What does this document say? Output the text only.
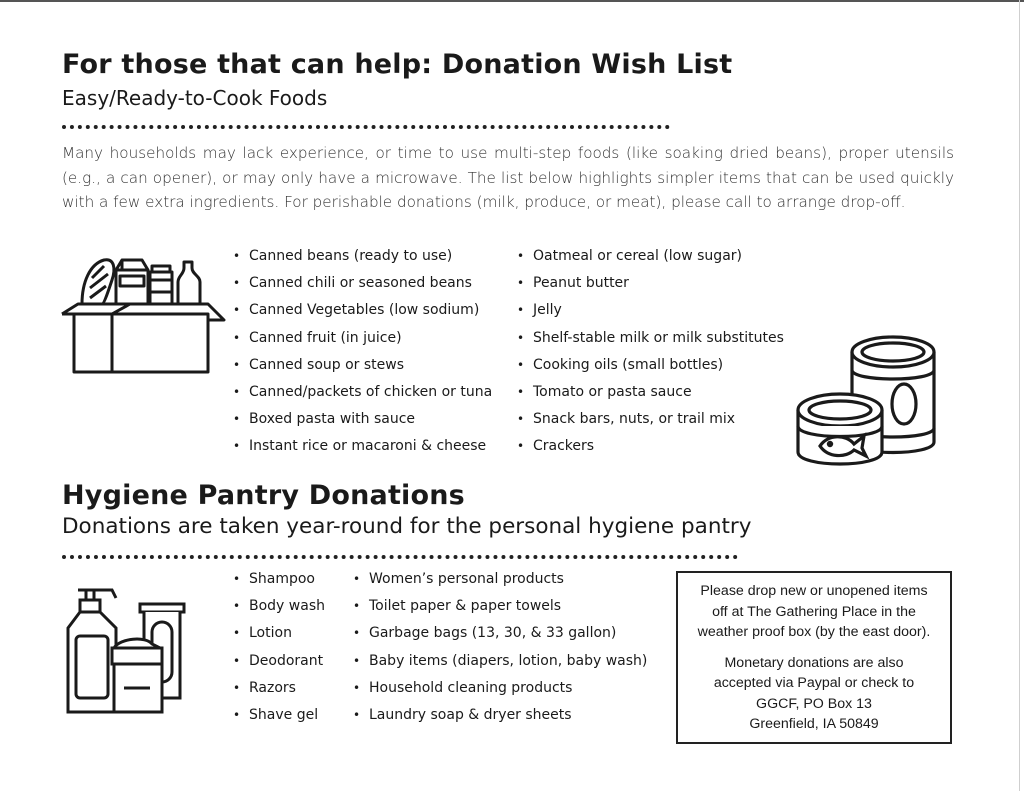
For those that can help: Donation Wish List
Easy/Ready-to-Cook Foods
Many households may lack experience, or time to use multi-step foods (like soaking dried beans), proper utensils (e.g., a can opener), or may only have a microwave. The list below highlights simpler items that can be used quickly with a few extra ingredients. For perishable donations (milk, produce, or meat), please call to arrange drop-off.
• Canned beans (ready to use)
• Canned chili or seasoned beans
• Canned Vegetables (low sodium)
• Canned fruit (in juice)
• Canned soup or stews
• Canned/packets of chicken or tuna
• Boxed pasta with sauce
• Instant rice or macaroni & cheese
• Oatmeal or cereal (low sugar)
• Peanut butter
• Jelly
• Shelf-stable milk or milk substitutes
• Cooking oils (small bottles)
• Tomato or pasta sauce
• Snack bars, nuts, or trail mix
• Crackers
Hygiene Pantry Donations
Donations are taken year-round for the personal hygiene pantry
• Shampoo
• Body wash
• Lotion
• Deodorant
• Razors
• Shave gel
• Women’s personal products
• Toilet paper & paper towels
• Garbage bags (13, 30, & 33 gallon)
• Baby items (diapers, lotion, baby wash)
• Household cleaning products
• Laundry soap & dryer sheets

Please drop new or unopened items
off at The Gathering Place in the
weather proof box (by the east door).

Monetary donations are also
accepted via Paypal or check to
GGCF, PO Box 13
Greenfield, IA 50849
